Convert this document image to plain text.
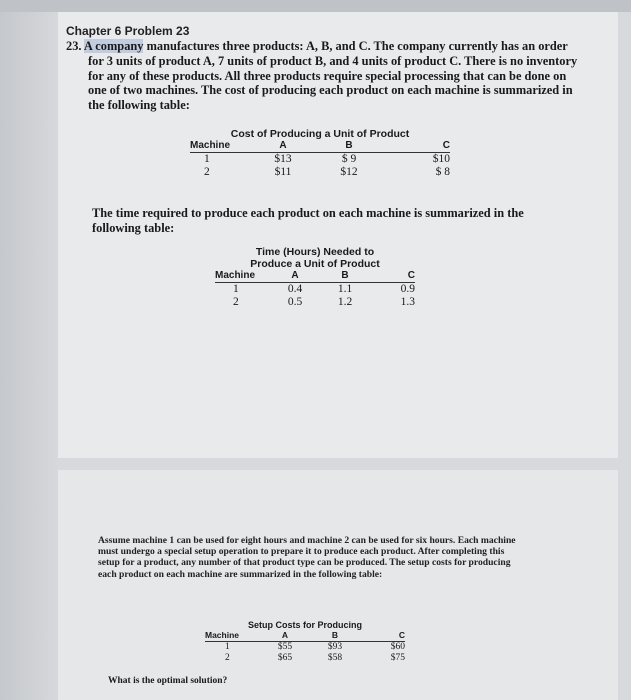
Chapter 6 Problem 23
23. A company manufactures three products: A, B, and C. The company currently has an order for 3 units of product A, 7 units of product B, and 4 units of product C. There is no inventory for any of these products. All three products require special processing that can be done on one of two machines. The cost of producing each product on each machine is summarized in the following table:
Cost of Producing a Unit of Product
Machine	A	B	C
1	$13	$ 9	$10
2	$11	$12	$ 8
The time required to produce each product on each machine is summarized in the following table:
Time (Hours) Needed to
Produce a Unit of Product
Machine	A	B	C
1	0.4	1.1	0.9
2	0.5	1.2	1.3
Assume machine 1 can be used for eight hours and machine 2 can be used for six hours. Each machine must undergo a special setup operation to prepare it to produce each product. After completing this setup for a product, any number of that product type can be produced. The setup costs for producing each product on each machine are summarized in the following table:
Setup Costs for Producing
Machine	A	B	C
1	$55	$93	$60
2	$65	$58	$75
What is the optimal solution?
